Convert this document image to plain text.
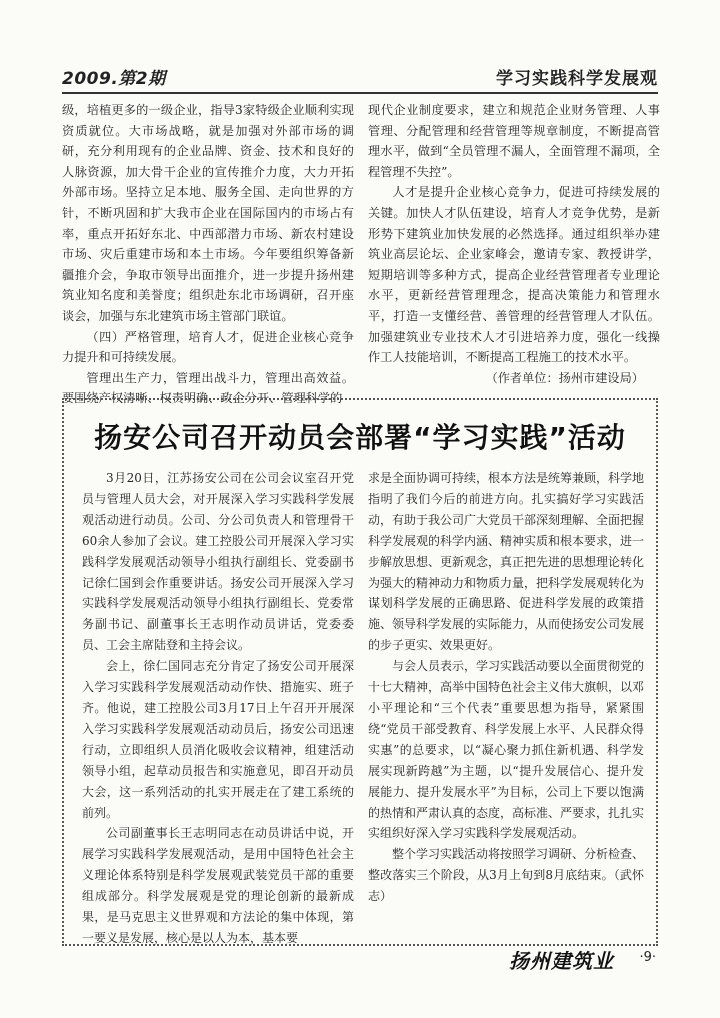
2009.第2期	学习实践科学发展观

级，培植更多的一级企业，指导3家特级企业顺利实现资质就位。大市场战略，就是加强对外部市场的调研，充分利用现有的企业品牌、资金、技术和良好的人脉资源，加大骨干企业的宣传推介力度，大力开拓外部市场。坚持立足本地、服务全国、走向世界的方针，不断巩固和扩大我市企业在国际国内的市场占有率，重点开拓好东北、中西部潜力市场、新农村建设市场、灾后重建市场和本土市场。今年要组织筹备新疆推介会，争取市领导出面推介，进一步提升扬州建筑业知名度和美誉度；组织赴东北市场调研，召开座谈会，加强与东北建筑市场主管部门联谊。

（四）严格管理，培育人才，促进企业核心竞争力提升和可持续发展。

管理出生产力，管理出战斗力，管理出高效益。要围绕产权清晰、权责明确、政企分开、管理科学的

现代企业制度要求，建立和规范企业财务管理、人事管理、分配管理和经营管理等规章制度，不断提高管理水平，做到“全员管理不漏人，全面管理不漏项，全程管理不失控”。

人才是提升企业核心竞争力，促进可持续发展的关键。加快人才队伍建设，培育人才竞争优势，是新形势下建筑业加快发展的必然选择。通过组织举办建筑业高层论坛、企业家峰会，邀请专家、教授讲学，短期培训等多种方式，提高企业经营管理者专业理论水平，更新经营管理理念，提高决策能力和管理水平，打造一支懂经营、善管理的经营管理人才队伍。加强建筑业专业技术人才引进培养力度，强化一线操作工人技能培训，不断提高工程施工的技术水平。

（作者单位：扬州市建设局）

扬安公司召开动员会部署“学习实践”活动

3月20日，江苏扬安公司在公司会议室召开党员与管理人员大会，对开展深入学习实践科学发展观活动进行动员。公司、分公司负责人和管理骨干60余人参加了会议。建工控股公司开展深入学习实践科学发展观活动领导小组执行副组长、党委副书记徐仁国到会作重要讲话。扬安公司开展深入学习实践科学发展观活动领导小组执行副组长、党委常务副书记、副董事长王志明作动员讲话，党委委员、工会主席陆登和主持会议。

会上，徐仁国同志充分肯定了扬安公司开展深入学习实践科学发展观活动动作快、措施实、班子齐。他说，建工控股公司3月17日上午召开开展深入学习实践科学发展观活动动员后，扬安公司迅速行动，立即组织人员消化吸收会议精神，组建活动领导小组，起草动员报告和实施意见，即召开动员大会，这一系列活动的扎实开展走在了建工系统的前列。

公司副董事长王志明同志在动员讲话中说，开展学习实践科学发展观活动，是用中国特色社会主义理论体系特别是科学发展观武装党员干部的重要组成部分。科学发展观是党的理论创新的最新成果，是马克思主义世界观和方法论的集中体现，第一要义是发展，核心是以人为本，基本要

求是全面协调可持续，根本方法是统筹兼顾，科学地指明了我们今后的前进方向。扎实搞好学习实践活动，有助于我公司广大党员干部深刻理解、全面把握科学发展观的科学内涵、精神实质和根本要求，进一步解放思想、更新观念，真正把先进的思想理论转化为强大的精神动力和物质力量，把科学发展观转化为谋划科学发展的正确思路、促进科学发展的政策措施、领导科学发展的实际能力，从而使扬安公司发展的步子更实、效果更好。

与会人员表示，学习实践活动要以全面贯彻党的十七大精神，高举中国特色社会主义伟大旗帜，以邓小平理论和“三个代表”重要思想为指导，紧紧围绕“党员干部受教育、科学发展上水平、人民群众得实惠”的总要求，以“凝心聚力抓住新机遇、科学发展实现新跨越”为主题，以“提升发展信心、提升发展能力、提升发展水平”为目标，公司上下要以饱满的热情和严肃认真的态度，高标准、严要求，扎扎实实组织好深入学习实践科学发展观活动。

整个学习实践活动将按照学习调研、分析检查、整改落实三个阶段，从3月上旬到8月底结束。（武怀志）

扬州建筑业 ·9·
